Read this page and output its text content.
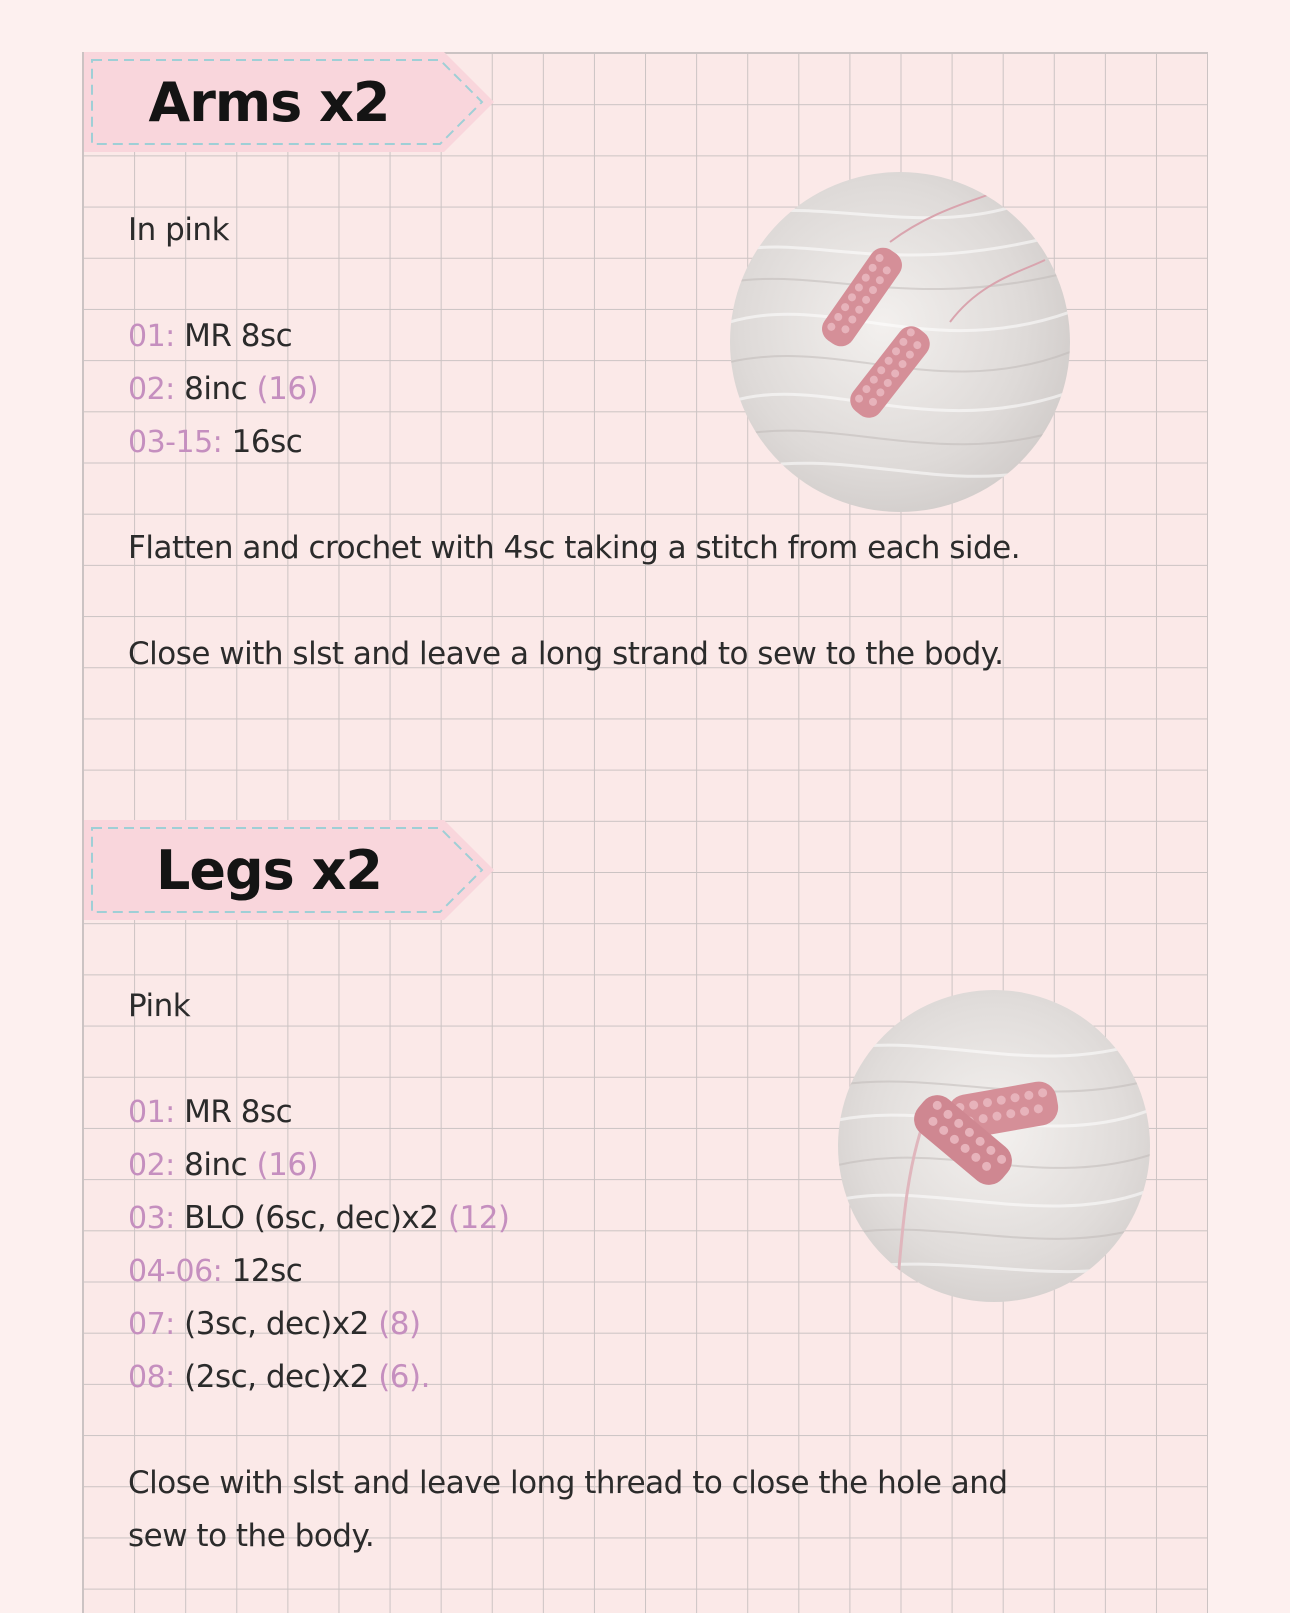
Arms x2
In pink
01: MR 8sc
02: 8inc (16)
03-15: 16sc
Flatten and crochet with 4sc taking a stitch from each side.
Close with slst and leave a long strand to sew to the body.
Legs x2
Pink
01: MR 8sc
02: 8inc (16)
03: BLO (6sc, dec)x2 (12)
04-06: 12sc
07: (3sc, dec)x2 (8)
08: (2sc, dec)x2 (6).
Close with slst and leave long thread to close the hole and
sew to the body.
